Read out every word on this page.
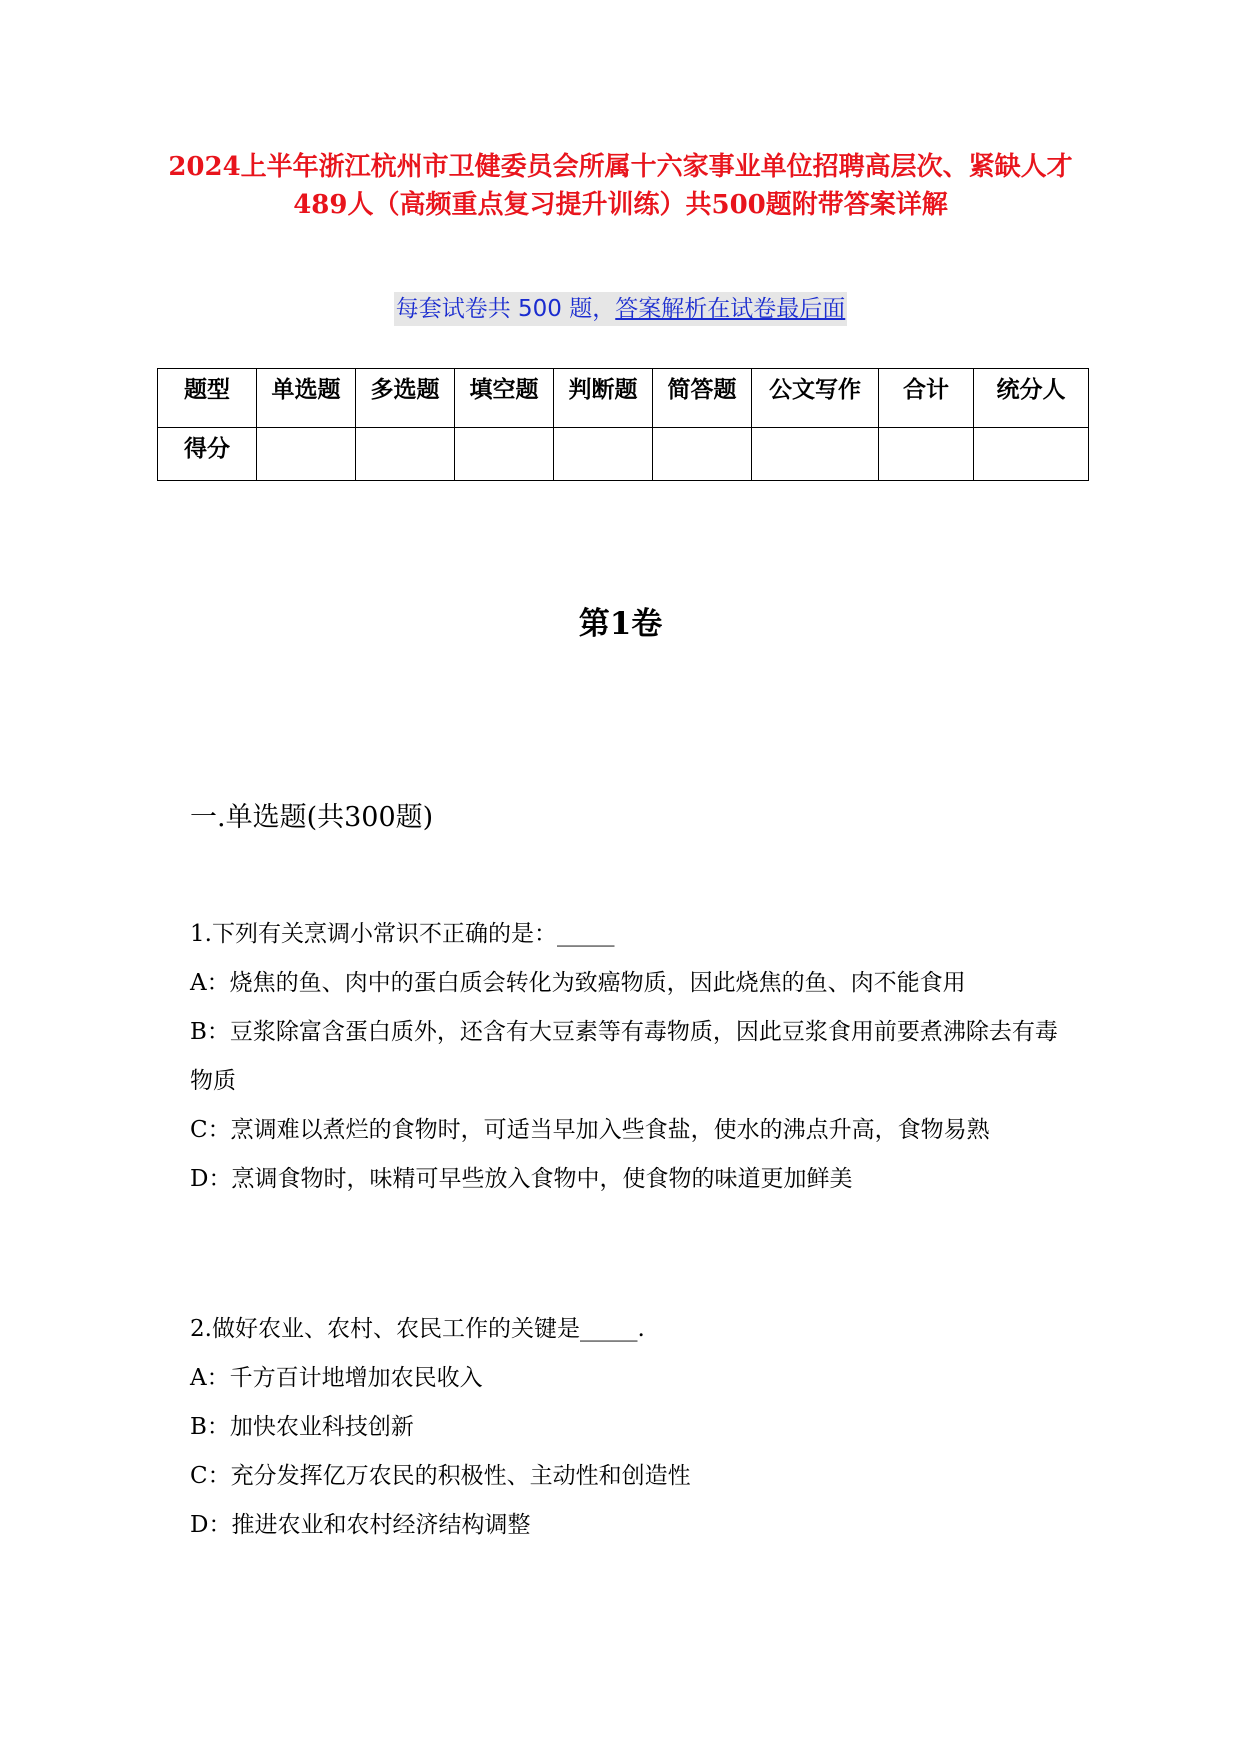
2024上半年浙江杭州市卫健委员会所属十六家事业单位招聘高层次、紧缺人才489人（高频重点复习提升训练）共500题附带答案详解
每套试卷共 500 题，答案解析在试卷最后面
题型	单选题	多选题	填空题	判断题	简答题	公文写作	合计	统分人
得分								
第1卷
一.单选题(共300题)

1.下列有关烹调小常识不正确的是：_____

A：烧焦的鱼、肉中的蛋白质会转化为致癌物质，因此烧焦的鱼、肉不能食用

B：豆浆除富含蛋白质外，还含有大豆素等有毒物质，因此豆浆食用前要煮沸除去有毒物质

C：烹调难以煮烂的食物时，可适当早加入些食盐，使水的沸点升高，食物易熟

D：烹调食物时，味精可早些放入食物中，使食物的味道更加鲜美

2.做好农业、农村、农民工作的关键是_____.

A：千方百计地增加农民收入

B：加快农业科技创新

C：充分发挥亿万农民的积极性、主动性和创造性

D：推进农业和农村经济结构调整
